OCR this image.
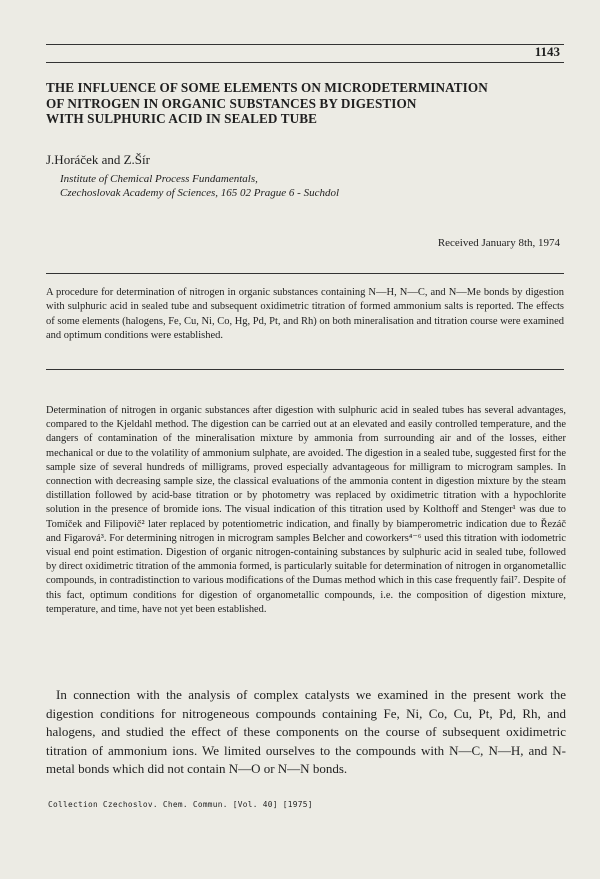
1143
THE INFLUENCE OF SOME ELEMENTS ON MICRODETERMINATION
OF NITROGEN IN ORGANIC SUBSTANCES BY DIGESTION
WITH SULPHURIC ACID IN SEALED TUBE

J.Horáček and Z.Šír

Institute of Chemical Process Fundamentals,
Czechoslovak Academy of Sciences, 165 02 Prague 6 - Suchdol

Received January 8th, 1974

A procedure for determination of nitrogen in organic substances containing N—H, N—C, and N—Me bonds by digestion with sulphuric acid in sealed tube and subsequent oxidimetric titration of formed ammonium salts is reported. The effects of some elements (halogens, Fe, Cu, Ni, Co, Hg, Pd, Pt, and Rh) on both mineralisation and titration course were examined and optimum conditions were established.

Determination of nitrogen in organic substances after digestion with sulphuric acid in sealed tubes has several advantages, compared to the Kjeldahl method. The digestion can be carried out at an elevated and easily controlled temperature, and the dangers of contamination of the mineralisation mixture by ammonia from surrounding air and of the losses, either mechanical or due to the volatility of ammonium sulphate, are avoided. The digestion in a sealed tube, suggested first for the sample size of several hundreds of milligrams, proved especially advantageous for milligram to microgram samples. In connection with decreasing sample size, the classical evaluations of the ammonia content in digestion mixture by the steam distillation followed by acid-base titration or by photometry was replaced by oxidimetric titration with a hypochlorite solution in the presence of bromide ions. The visual indication of this titration used by Kolthoff and Stenger¹ was due to Tomíček and Filipovič² later replaced by potentiometric indication, and finally by biamperometric indication due to Řezáč and Figarová³. For determining nitrogen in microgram samples Belcher and coworkers⁴⁻⁶ used this titration with iodometric visual end point estimation. Digestion of organic nitrogen-containing substances by sulphuric acid in sealed tube, followed by direct oxidimetric titration of the ammonia formed, is particularly suitable for determination of nitrogen in organometallic compounds, in contradistinction to various modifications of the Dumas method which in this case frequently fail⁷. Despite of this fact, optimum conditions for digestion of organometallic compounds, i.e. the composition of digestion mixture, temperature, and time, have not yet been established.

In connection with the analysis of complex catalysts we examined in the present work the digestion conditions for nitrogeneous compounds containing Fe, Ni, Co, Cu, Pt, Pd, Rh, and halogens, and studied the effect of these components on the course of subsequent oxidimetric titration of ammonium ions. We limited ourselves to the compounds with N—C, N—H, and N-metal bonds which did not contain N—O or N—N bonds.

Collection Czechoslov. Chem. Commun. [Vol. 40] [1975]
